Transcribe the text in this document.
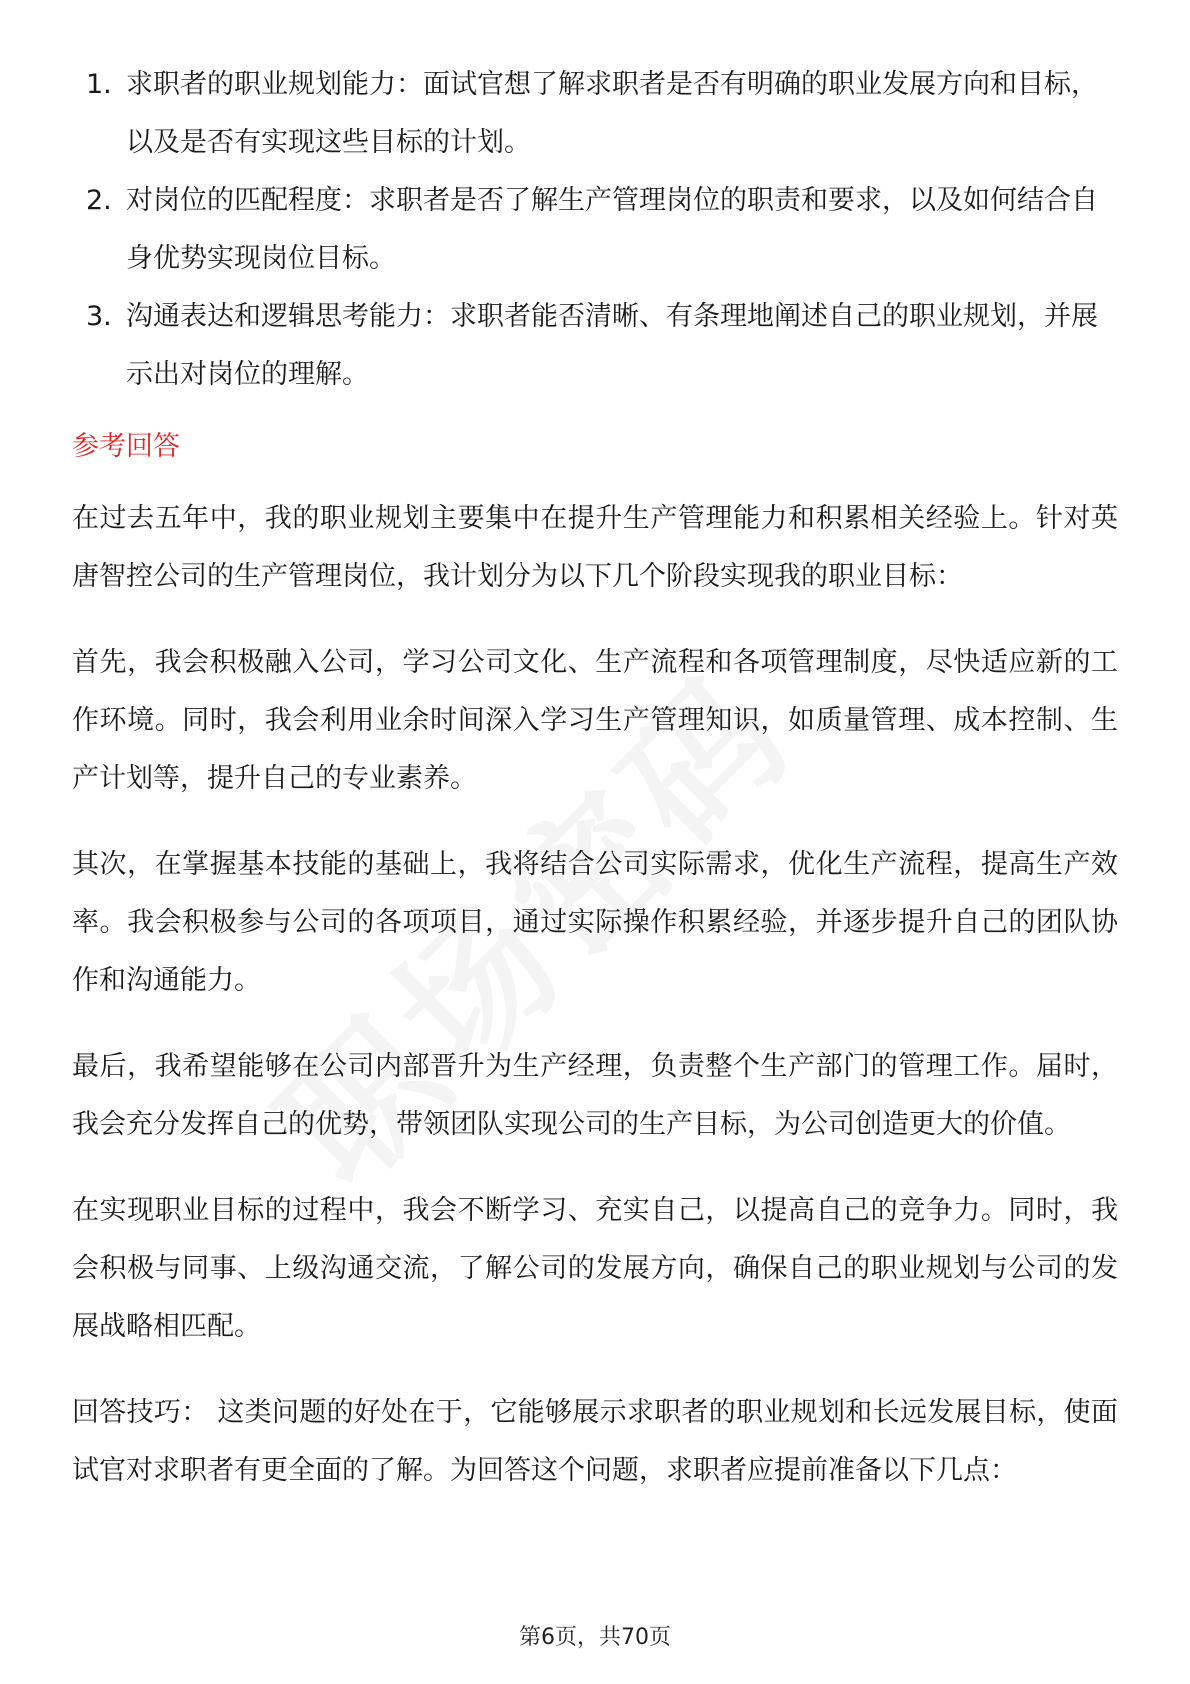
1. 求职者的职业规划能力：面试官想了解求职者是否有明确的职业发展方向和目标，以及是否有实现这些目标的计划。
2. 对岗位的匹配程度：求职者是否了解生产管理岗位的职责和要求，以及如何结合自身优势实现岗位目标。
3. 沟通表达和逻辑思考能力：求职者能否清晰、有条理地阐述自己的职业规划，并展示出对岗位的理解。
参考回答

在过去五年中，我的职业规划主要集中在提升生产管理能力和积累相关经验上。针对英唐智控公司的生产管理岗位，我计划分为以下几个阶段实现我的职业目标：

首先，我会积极融入公司，学习公司文化、生产流程和各项管理制度，尽快适应新的工作环境。同时，我会利用业余时间深入学习生产管理知识，如质量管理、成本控制、生产计划等，提升自己的专业素养。

其次，在掌握基本技能的基础上，我将结合公司实际需求，优化生产流程，提高生产效率。我会积极参与公司的各项项目，通过实际操作积累经验，并逐步提升自己的团队协作和沟通能力。

最后，我希望能够在公司内部晋升为生产经理，负责整个生产部门的管理工作。届时，我会充分发挥自己的优势，带领团队实现公司的生产目标，为公司创造更大的价值。

在实现职业目标的过程中，我会不断学习、充实自己，以提高自己的竞争力。同时，我会积极与同事、上级沟通交流，了解公司的发展方向，确保自己的职业规划与公司的发展战略相匹配。

回答技巧： 这类问题的好处在于，它能够展示求职者的职业规划和长远发展目标，使面试官对求职者有更全面的了解。为回答这个问题，求职者应提前准备以下几点：

第6页，共70页
